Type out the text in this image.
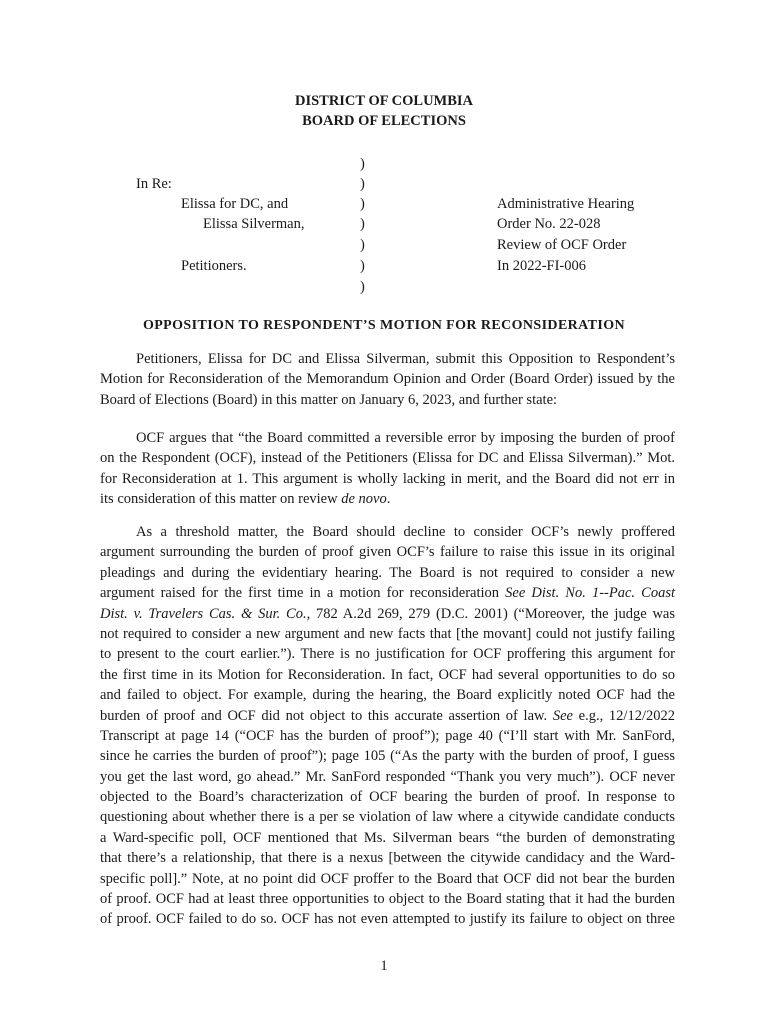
DISTRICT OF COLUMBIA
BOARD OF ELECTIONS
In Re:
Elissa for DC, and
Elissa Silverman,
Petitioners.
)
)
)
)
)
)
)
Administrative Hearing
Order No. 22-028
Review of OCF Order
In 2022-FI-006
OPPOSITION TO RESPONDENT’S MOTION FOR RECONSIDERATION
Petitioners, Elissa for DC and Elissa Silverman, submit this Opposition to Respondent’s
Motion for Reconsideration of the Memorandum Opinion and Order (Board Order) issued by the
Board of Elections (Board) in this matter on January 6, 2023, and further state:
OCF argues that “the Board committed a reversible error by imposing the burden of proof
on the Respondent (OCF), instead of the Petitioners (Elissa for DC and Elissa Silverman).” Mot.
for Reconsideration at 1. This argument is wholly lacking in merit, and the Board did not err in
its consideration of this matter on review de novo.
As a threshold matter, the Board should decline to consider OCF’s newly proffered
argument surrounding the burden of proof given OCF’s failure to raise this issue in its original
pleadings and during the evidentiary hearing. The Board is not required to consider a new
argument raised for the first time in a motion for reconsideration See Dist. No. 1--Pac. Coast
Dist. v. Travelers Cas. & Sur. Co., 782 A.2d 269, 279 (D.C. 2001) (“Moreover, the judge was
not required to consider a new argument and new facts that [the movant] could not justify failing
to present to the court earlier.”). There is no justification for OCF proffering this argument for
the first time in its Motion for Reconsideration. In fact, OCF had several opportunities to do so
and failed to object. For example, during the hearing, the Board explicitly noted OCF had the
burden of proof and OCF did not object to this accurate assertion of law. See e.g., 12/12/2022
Transcript at page 14 (“OCF has the burden of proof”); page 40 (“I’ll start with Mr. SanFord,
since he carries the burden of proof”); page 105 (“As the party with the burden of proof, I guess
you get the last word, go ahead.” Mr. SanFord responded “Thank you very much”). OCF never
objected to the Board’s characterization of OCF bearing the burden of proof. In response to
questioning about whether there is a per se violation of law where a citywide candidate conducts
a Ward-specific poll, OCF mentioned that Ms. Silverman bears “the burden of demonstrating
that there’s a relationship, that there is a nexus [between the citywide candidacy and the Ward-
specific poll].” Note, at no point did OCF proffer to the Board that OCF did not bear the burden
of proof. OCF had at least three opportunities to object to the Board stating that it had the burden
of proof. OCF failed to do so. OCF has not even attempted to justify its failure to object on three
1
